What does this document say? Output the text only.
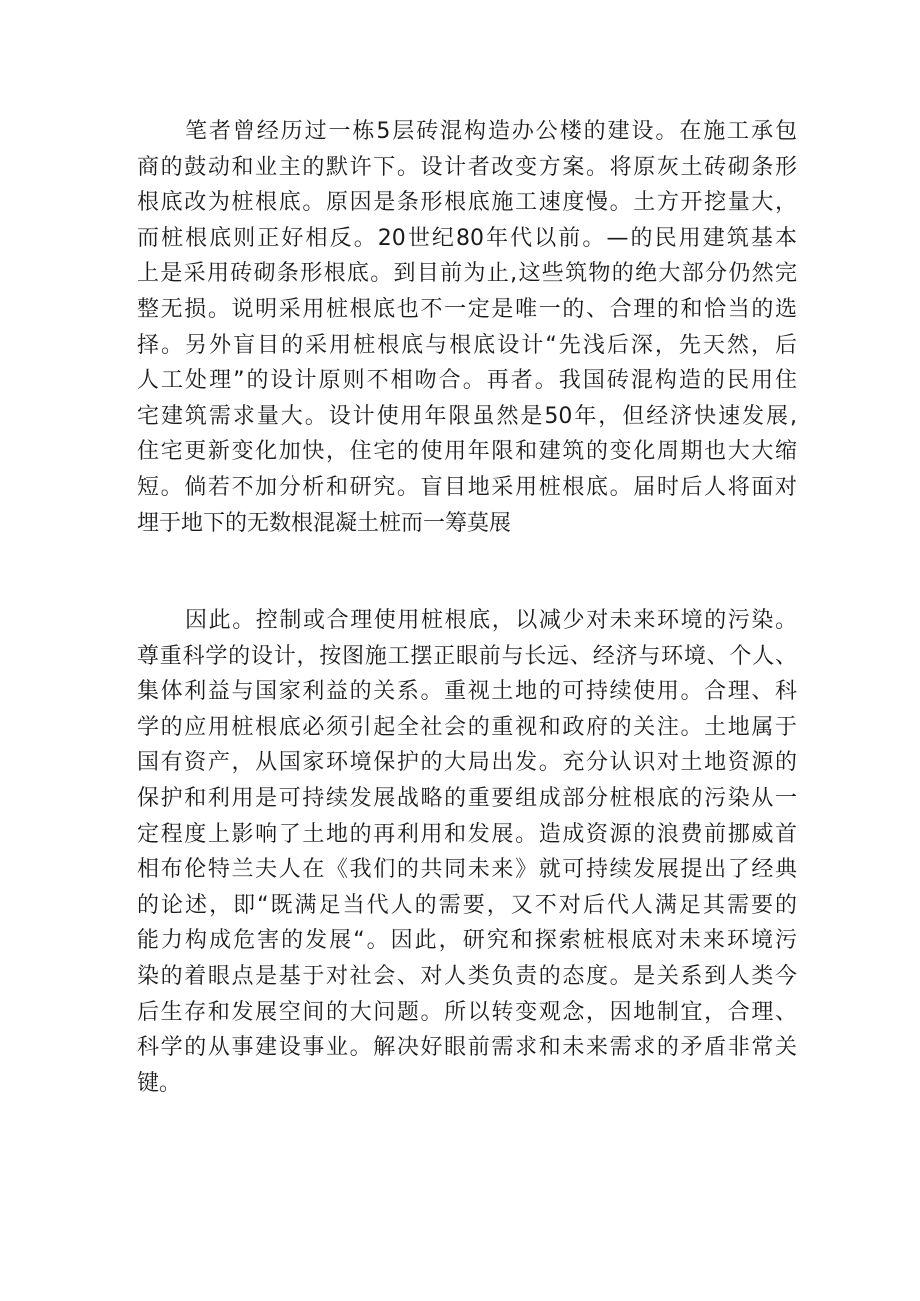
笔者曾经历过一栋5层砖混构造办公楼的建设。在施工承包
商的鼓动和业主的默许下。设计者改变方案。将原灰土砖砌条形
根底改为桩根底。原因是条形根底施工速度慢。土方开挖量大，
而桩根底则正好相反。20世纪80年代以前。—的民用建筑基本
上是采用砖砌条形根底。到目前为止,这些筑物的绝大部分仍然完
整无损。说明采用桩根底也不一定是唯一的、合理的和恰当的选
择。另外盲目的采用桩根底与根底设计“先浅后深，先天然，后
人工处理”的设计原则不相吻合。再者。我国砖混构造的民用住
宅建筑需求量大。设计使用年限虽然是50年，但经济快速发展,
住宅更新变化加快，住宅的使用年限和建筑的变化周期也大大缩
短。倘若不加分析和研究。盲目地采用桩根底。届时后人将面对
埋于地下的无数根混凝土桩而一筹莫展
因此。控制或合理使用桩根底，以减少对未来环境的污染。
尊重科学的设计，按图施工摆正眼前与长远、经济与环境、个人、
集体利益与国家利益的关系。重视土地的可持续使用。合理、科
学的应用桩根底必须引起全社会的重视和政府的关注。土地属于
国有资产，从国家环境保护的大局出发。充分认识对土地资源的
保护和利用是可持续发展战略的重要组成部分桩根底的污染从一
定程度上影响了土地的再利用和发展。造成资源的浪费前挪威首
相布伦特兰夫人在《我们的共同未来》就可持续发展提出了经典
的论述，即“既满足当代人的需要，又不对后代人满足其需要的
能力构成危害的发展“。因此，研究和探索桩根底对未来环境污
染的着眼点是基于对社会、对人类负责的态度。是关系到人类今
后生存和发展空间的大问题。所以转变观念，因地制宜，合理、
科学的从事建设事业。解决好眼前需求和未来需求的矛盾非常关
键。
